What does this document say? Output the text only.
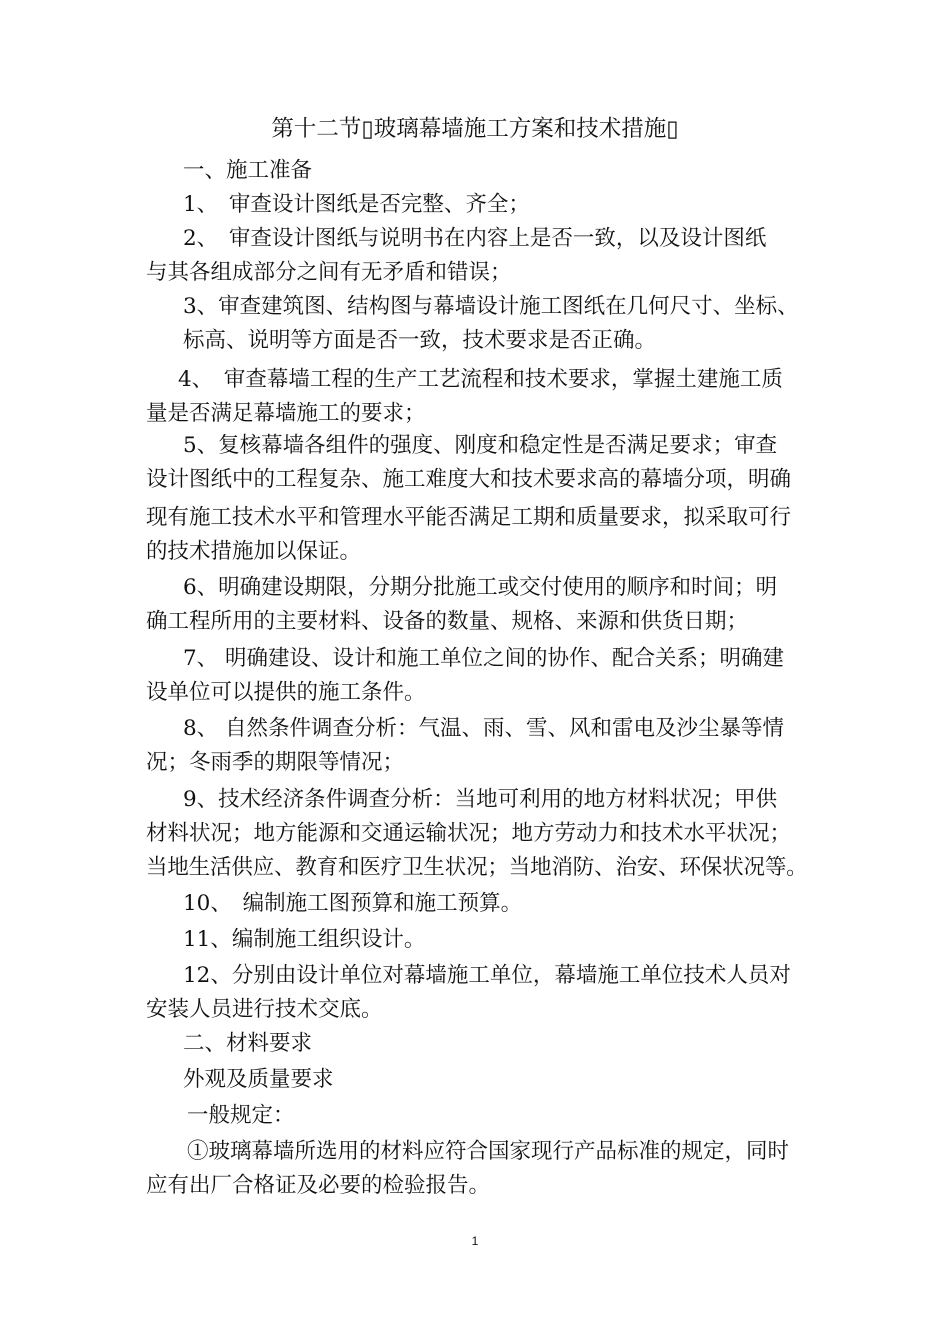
第十二节▯玻璃幕墙施工方案和技术措施▯
一、施工准备
1、　审查设计图纸是否完整、齐全；
2、　审查设计图纸与说明书在内容上是否一致，以及设计图纸
与其各组成部分之间有无矛盾和错误；
3、审查建筑图、结构图与幕墙设计施工图纸在几何尺寸、坐标、
标高、说明等方面是否一致，技术要求是否正确。
4、　审查幕墙工程的生产工艺流程和技术要求，掌握土建施工质
量是否满足幕墙施工的要求；
5、复核幕墙各组件的强度、刚度和稳定性是否满足要求；审查
设计图纸中的工程复杂、施工难度大和技术要求高的幕墙分项，明确
现有施工技术水平和管理水平能否满足工期和质量要求，拟采取可行
的技术措施加以保证。
6、明确建设期限，分期分批施工或交付使用的顺序和时间；明
确工程所用的主要材料、设备的数量、规格、来源和供货日期；
7、 明确建设、设计和施工单位之间的协作、配合关系；明确建
设单位可以提供的施工条件。
8、 自然条件调查分析：气温、雨、雪、风和雷电及沙尘暴等情
况；冬雨季的期限等情况；
9、技术经济条件调查分析：当地可利用的地方材料状况；甲供
材料状况；地方能源和交通运输状况；地方劳动力和技术水平状况；
当地生活供应、教育和医疗卫生状况；当地消防、治安、环保状况等。
10、　编制施工图预算和施工预算。
11、编制施工组织设计。
12、分别由设计单位对幕墙施工单位，幕墙施工单位技术人员对
安装人员进行技术交底。
二、材料要求
外观及质量要求
一般规定：
①玻璃幕墙所选用的材料应符合国家现行产品标准的规定，同时
应有出厂合格证及必要的检验报告。
1
